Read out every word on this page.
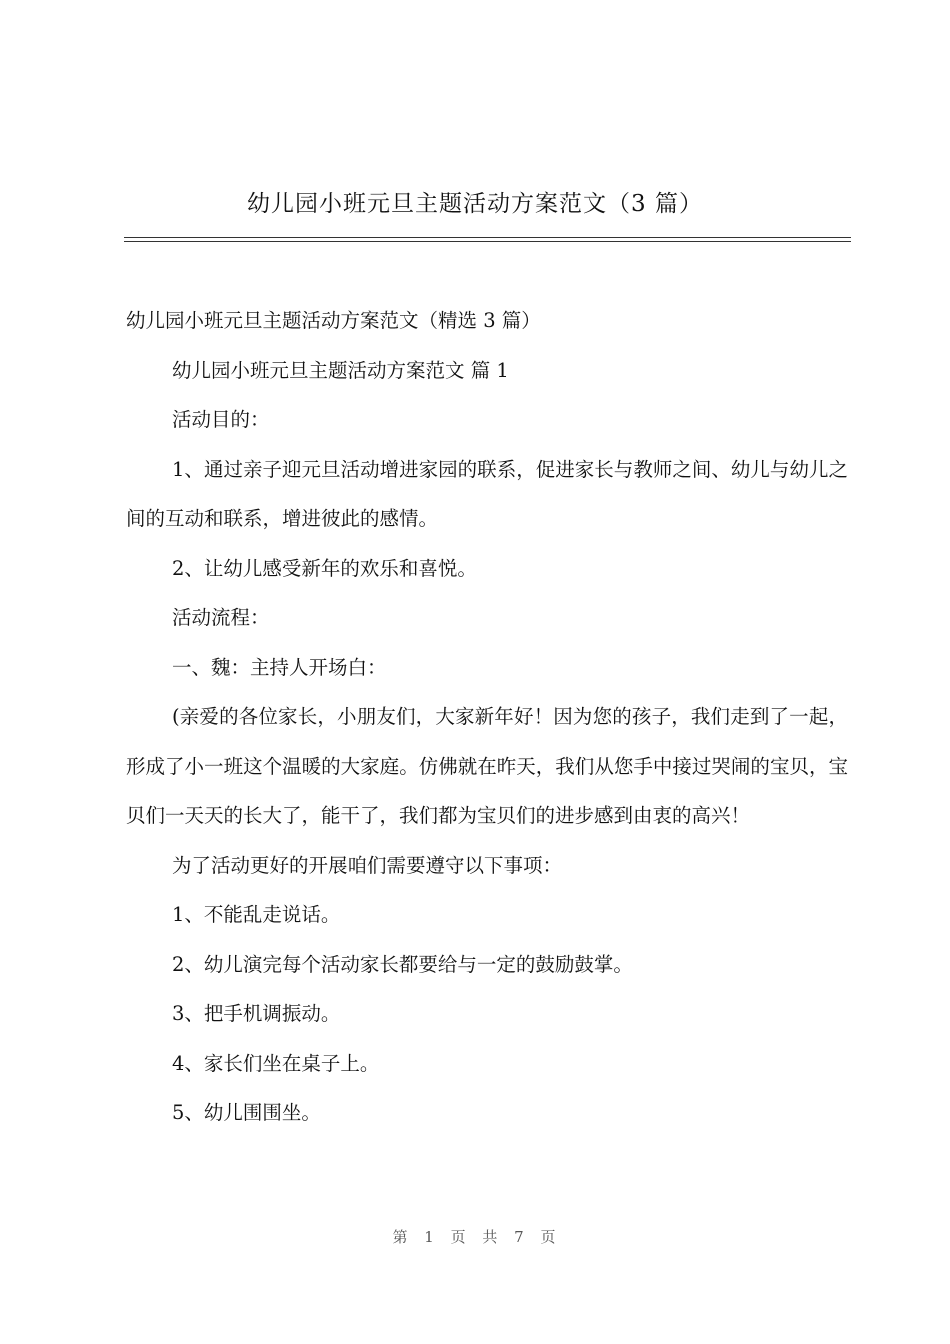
幼儿园小班元旦主题活动方案范文（3 篇）

幼儿园小班元旦主题活动方案范文（精选 3 篇）

幼儿园小班元旦主题活动方案范文 篇 1

活动目的：

1、通过亲子迎元旦活动增进家园的联系，促进家长与教师之间、幼儿与幼儿之间的互动和联系，增进彼此的感情。

2、让幼儿感受新年的欢乐和喜悦。

活动流程：

一、魏：主持人开场白：

(亲爱的各位家长，小朋友们，大家新年好！因为您的孩子，我们走到了一起，形成了小一班这个温暖的大家庭。仿佛就在昨天，我们从您手中接过哭闹的宝贝，宝贝们一天天的长大了，能干了，我们都为宝贝们的进步感到由衷的高兴！

为了活动更好的开展咱们需要遵守以下事项：

1、不能乱走说话。

2、幼儿演完每个活动家长都要给与一定的鼓励鼓掌。

3、把手机调振动。

4、家长们坐在桌子上。

5、幼儿围围坐。

第 1 页 共 7 页
